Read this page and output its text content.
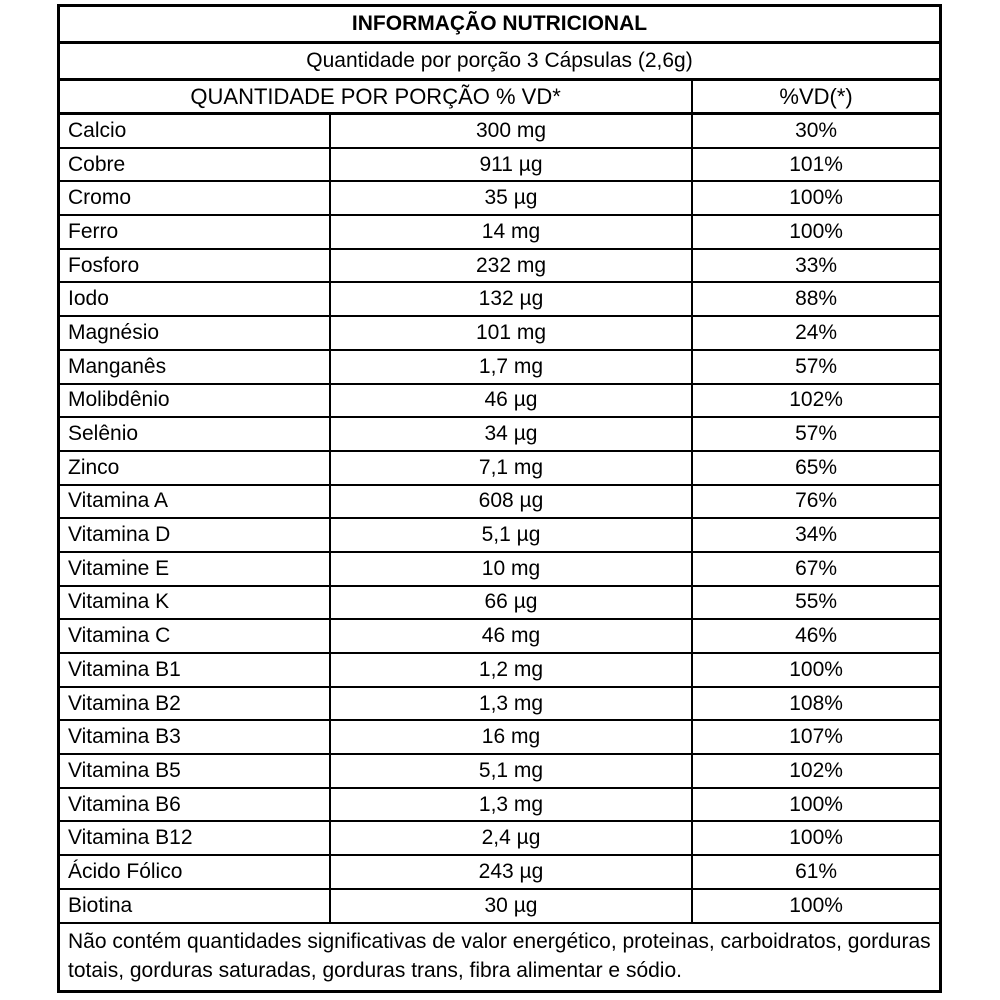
INFORMAÇÃO NUTRICIONAL		
Quantidade por porção 3 Cápsulas (2,6g)		
QUANTIDADE POR PORÇÃO % VD*		%VD(*)
Calcio	300 mg	30%
Cobre	911 µg	101%
Cromo	35 µg	100%
Ferro	14 mg	100%
Fosforo	232 mg	33%
Iodo	132 µg	88%
Magnésio	101 mg	24%
Manganês	1,7 mg	57%
Molibdênio	46 µg	102%
Selênio	34 µg	57%
Zinco	7,1 mg	65%
Vitamina A	608 µg	76%
Vitamina D	5,1 µg	34%
Vitamine E	10 mg	67%
Vitamina K	66 µg	55%
Vitamina C	46 mg	46%
Vitamina B1	1,2 mg	100%
Vitamina B2	1,3 mg	108%
Vitamina B3	16 mg	107%
Vitamina B5	5,1 mg	102%
Vitamina B6	1,3 mg	100%
Vitamina B12	2,4 µg	100%
Ácido Fólico	243 µg	61%
Biotina	30 µg	100%
Não contém quantidades significativas de valor energético, proteinas, carboidratos, gorduras totais, gorduras saturadas, gorduras trans, fibra alimentar e sódio.		
